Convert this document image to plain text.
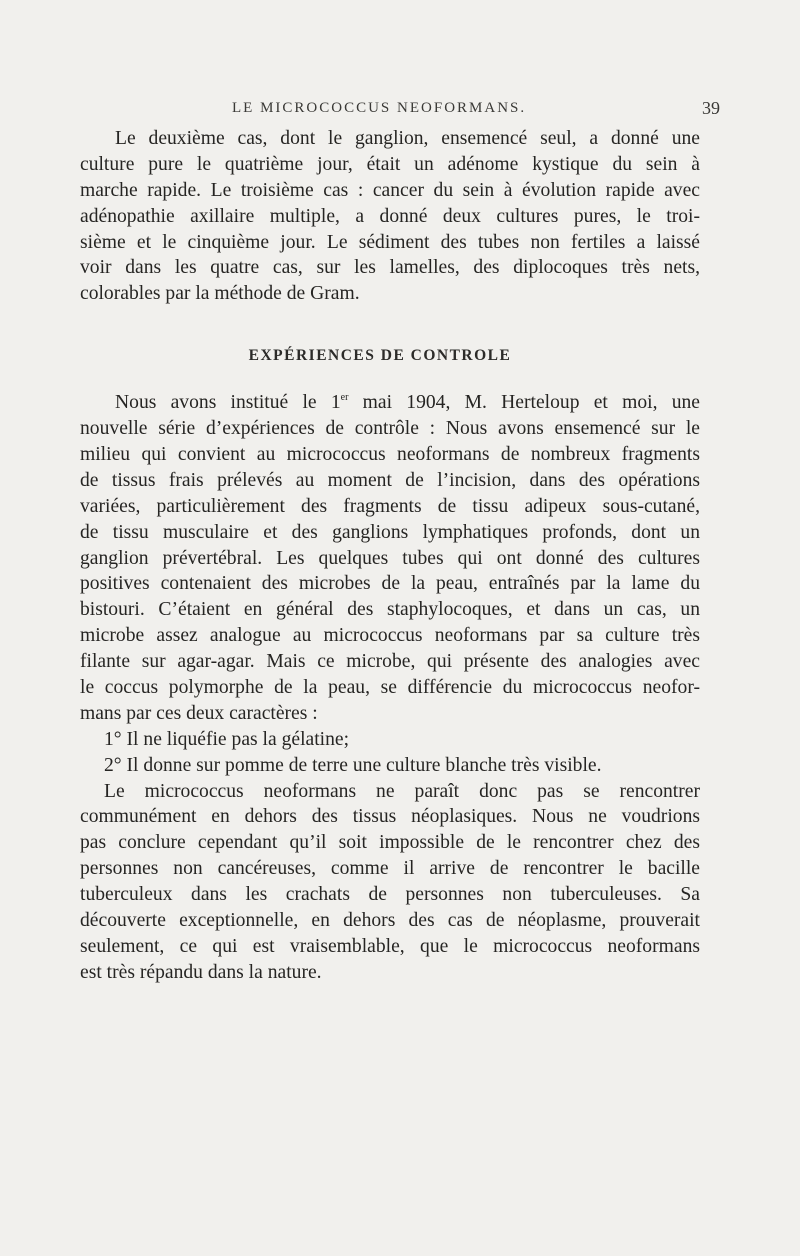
LE MICROCOCCUS NEOFORMANS.	39
Le deuxième cas, dont le ganglion, ensemencé seul, a donné une
culture pure le quatrième jour, était un adénome kystique du sein à
marche rapide. Le troisième cas : cancer du sein à évolution rapide avec
adénopathie axillaire multiple, a donné deux cultures pures, le troi-
sième et le cinquième jour. Le sédiment des tubes non fertiles a laissé
voir dans les quatre cas, sur les lamelles, des diplocoques très nets,
colorables par la méthode de Gram.
EXPÉRIENCES DE CONTROLE
Nous avons institué le 1er mai 1904, M. Herteloup et moi, une
nouvelle série d’expériences de contrôle : Nous avons ensemencé sur le
milieu qui convient au micrococcus neoformans de nombreux fragments
de tissus frais prélevés au moment de l’incision, dans des opérations
variées, particulièrement des fragments de tissu adipeux sous-cutané,
de tissu musculaire et des ganglions lymphatiques profonds, dont un
ganglion prévertébral. Les quelques tubes qui ont donné des cultures
positives contenaient des microbes de la peau, entraînés par la lame du
bistouri. C’étaient en général des staphylocoques, et dans un cas, un
microbe assez analogue au micrococcus neoformans par sa culture très
filante sur agar-agar. Mais ce microbe, qui présente des analogies avec
le coccus polymorphe de la peau, se différencie du micrococcus neofor-
mans par ces deux caractères :
1° Il ne liquéfie pas la gélatine;
2° Il donne sur pomme de terre une culture blanche très visible.
Le micrococcus neoformans ne paraît donc pas se rencontrer
communément en dehors des tissus néoplasiques. Nous ne voudrions
pas conclure cependant qu’il soit impossible de le rencontrer chez des
personnes non cancéreuses, comme il arrive de rencontrer le bacille
tuberculeux dans les crachats de personnes non tuberculeuses. Sa
découverte exceptionnelle, en dehors des cas de néoplasme, prouverait
seulement, ce qui est vraisemblable, que le micrococcus neoformans
est très répandu dans la nature.
